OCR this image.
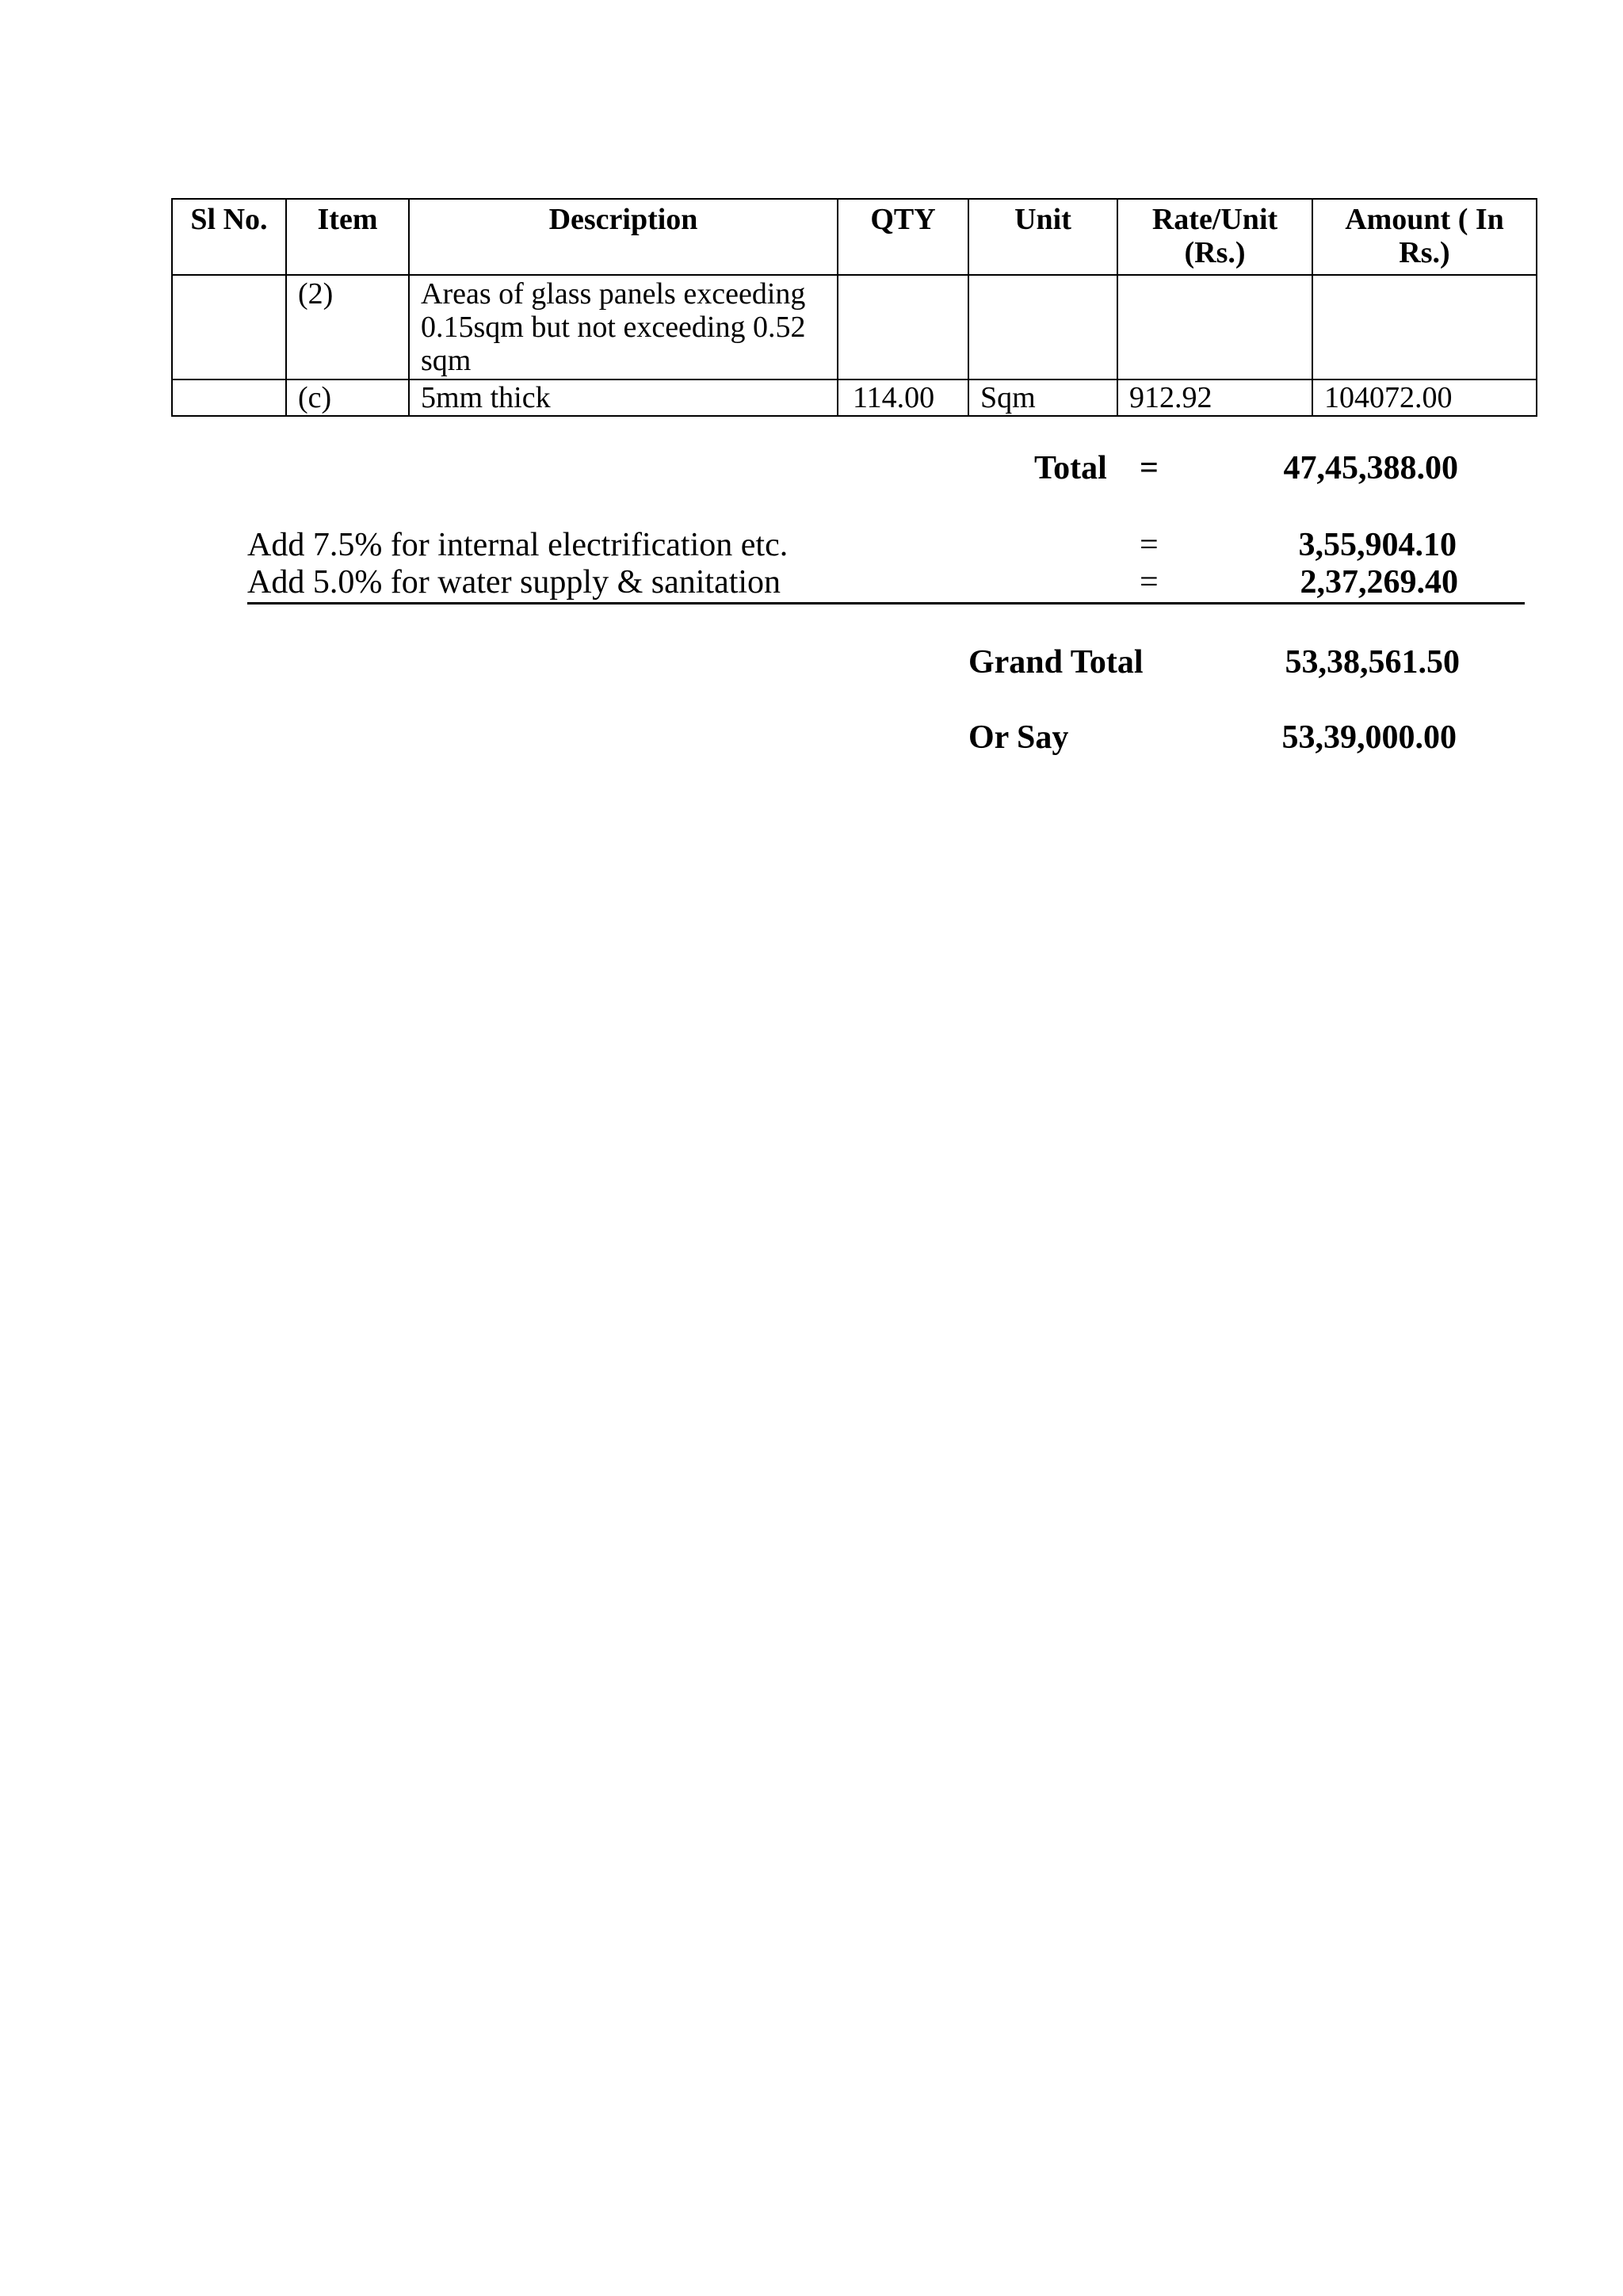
Sl No.	Item	Description	QTY	Unit	Rate/Unit (Rs.)	Amount ( In Rs.)
	(2)	Areas of glass panels exceeding 0.15sqm but not exceeding 0.52 sqm				
	(c)	5mm thick	114.00	Sqm	912.92	104072.00
Total =	47,45,388.00
Add 7.5% for internal electrification etc.	=	3,55,904.10
Add 5.0% for water supply & sanitation	=	2,37,269.40
Grand Total	53,38,561.50
Or Say	53,39,000.00
